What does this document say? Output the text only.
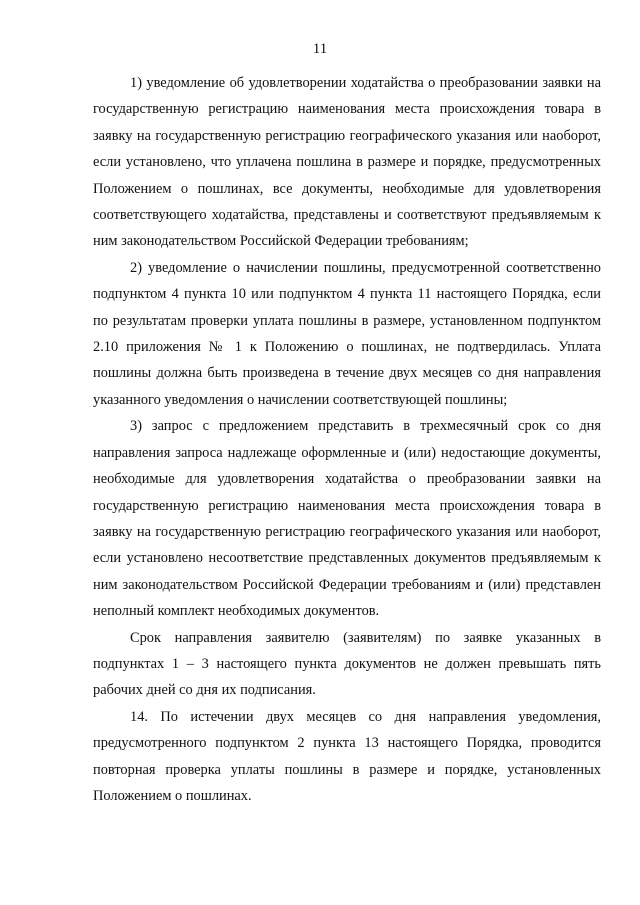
11

1) уведомление об удовлетворении ходатайства о преобразовании заявки на государственную регистрацию наименования места происхождения товара в заявку на государственную регистрацию географического указания или наоборот, если установлено, что уплачена пошлина в размере и порядке, предусмотренных Положением о пошлинах, все документы, необходимые для удовлетворения соответствующего ходатайства, представлены и соответствуют предъявляемым к ним законодательством Российской Федерации требованиям;

2) уведомление о начислении пошлины, предусмотренной соответственно подпунктом 4 пункта 10 или подпунктом 4 пункта 11 настоящего Порядка, если по результатам проверки уплата пошлины в размере, установленном подпунктом 2.10 приложения № 1 к Положению о пошлинах, не подтвердилась. Уплата пошлины должна быть произведена в течение двух месяцев со дня направления указанного уведомления о начислении соответствующей пошлины;

3) запрос с предложением представить в трехмесячный срок со дня направления запроса надлежаще оформленные и (или) недостающие документы, необходимые для удовлетворения ходатайства о преобразовании заявки на государственную регистрацию наименования места происхождения товара в заявку на государственную регистрацию географического указания или наоборот, если установлено несоответствие представленных документов предъявляемым к ним законодательством Российской Федерации требованиям и (или) представлен неполный комплект необходимых документов.

Срок направления заявителю (заявителям) по заявке указанных в подпунктах 1 – 3 настоящего пункта документов не должен превышать пять рабочих дней со дня их подписания.

14. По истечении двух месяцев со дня направления уведомления, предусмотренного подпунктом 2 пункта 13 настоящего Порядка, проводится повторная проверка уплаты пошлины в размере и порядке, установленных Положением о пошлинах.
